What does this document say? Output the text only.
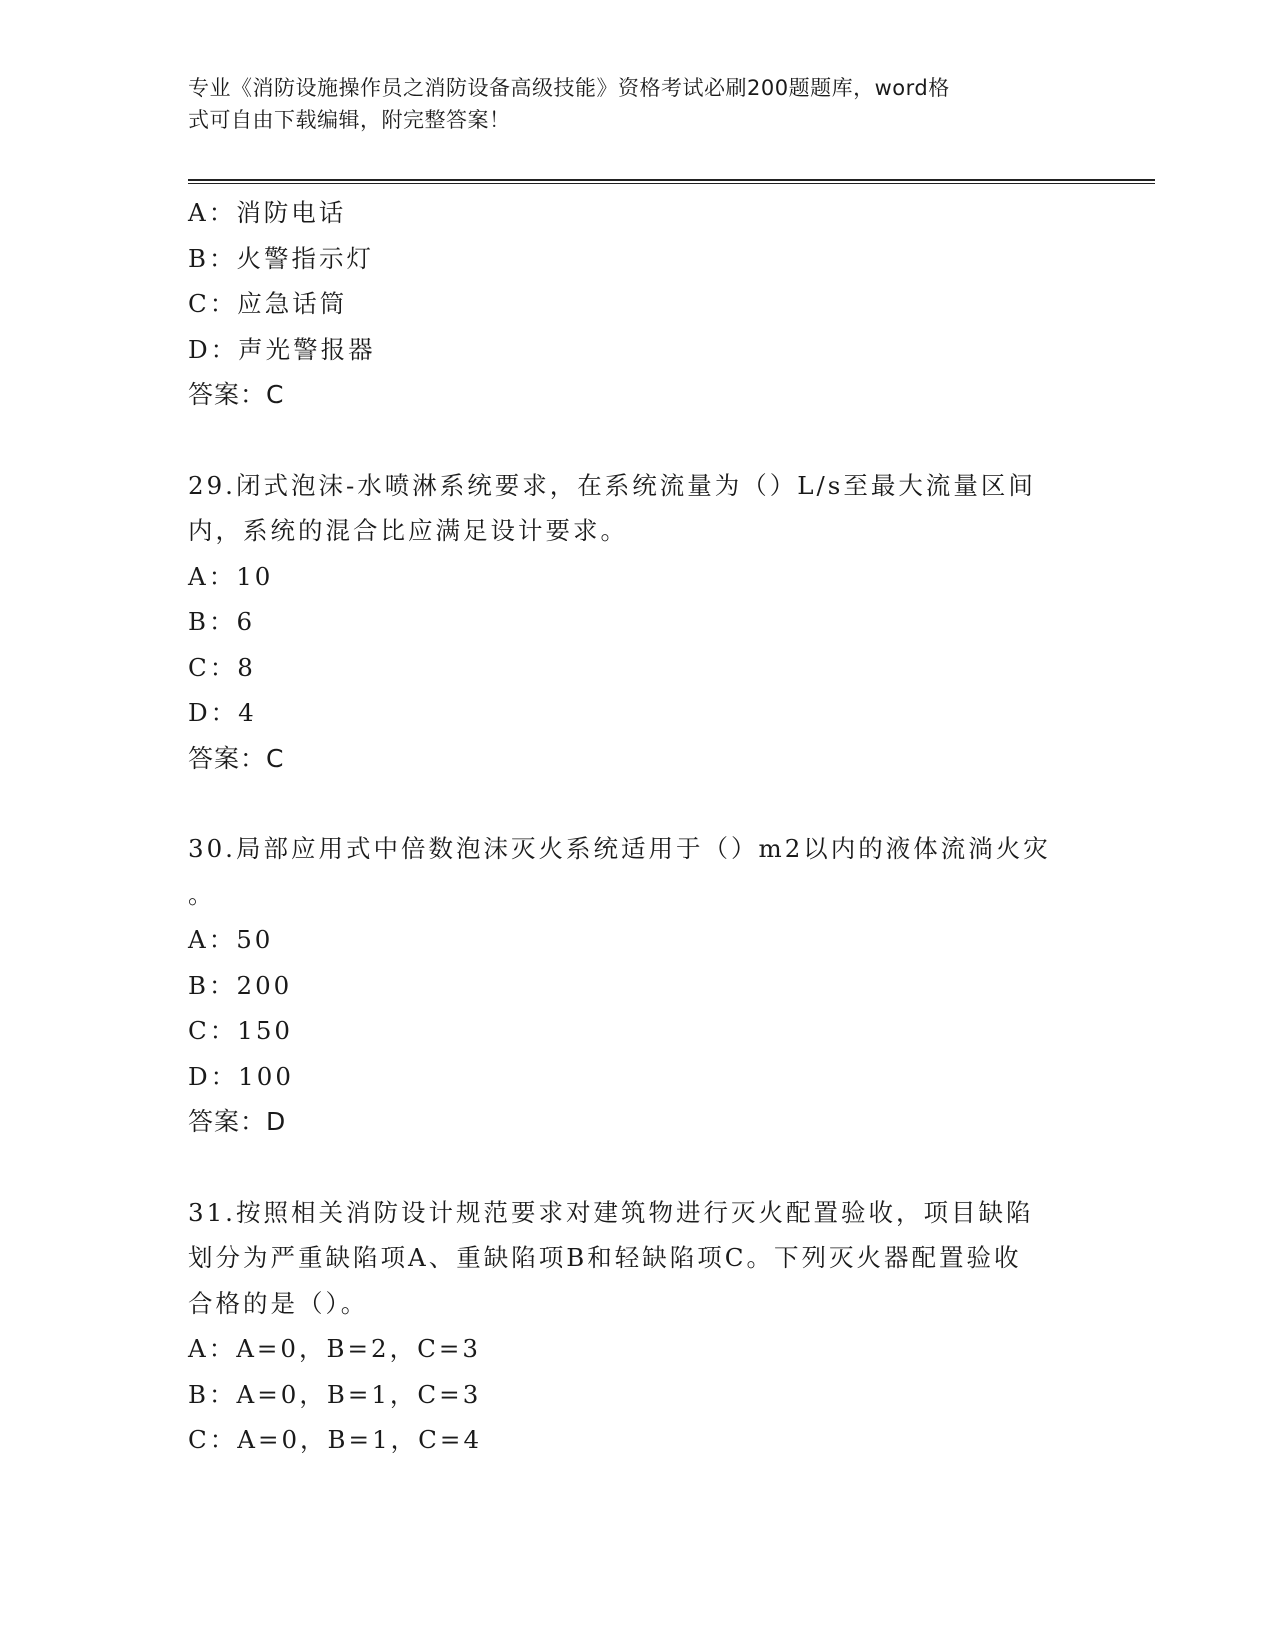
专业《消防设施操作员之消防设备高级技能》资格考试必刷200题题库，word格
式可自由下载编辑，附完整答案！
A：消防电话
B：火警指示灯
C：应急话筒
D：声光警报器
答案：C
29.闭式泡沫-水喷淋系统要求，在系统流量为（）L/s至最大流量区间
内，系统的混合比应满足设计要求。
A：10
B：6
C：8
D：4
答案：C
30.局部应用式中倍数泡沫灭火系统适用于（）m2以内的液体流淌火灾
。
A：50
B：200
C：150
D：100
答案：D
31.按照相关消防设计规范要求对建筑物进行灭火配置验收，项目缺陷
划分为严重缺陷项A、重缺陷项B和轻缺陷项C。下列灭火器配置验收
合格的是（）。
A：A=0，B=2，C=3
B：A=0，B=1，C=3
C：A=0，B=1，C=4
